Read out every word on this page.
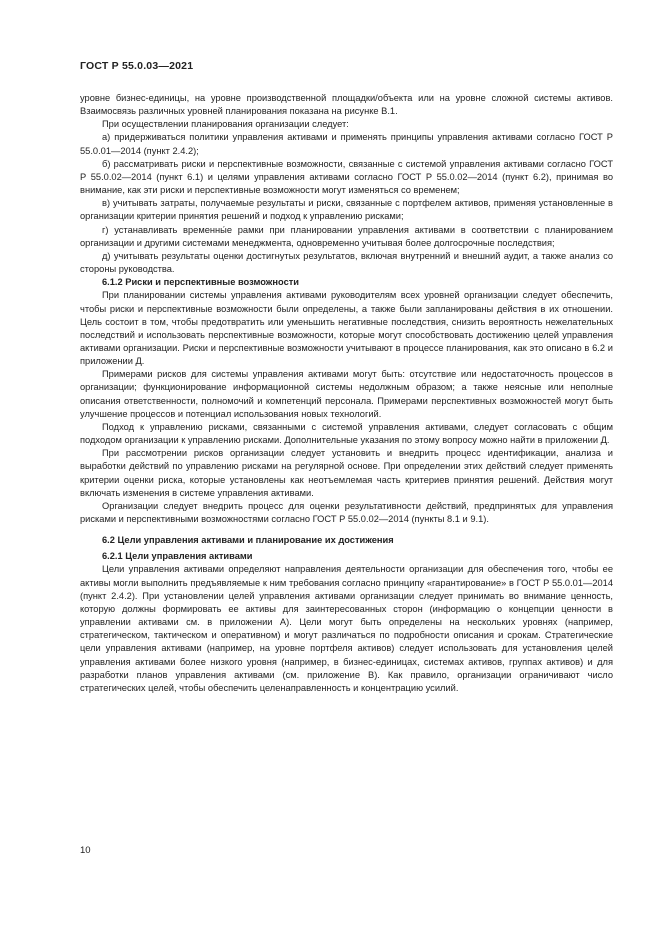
ГОСТ Р 55.0.03—2021

уровне бизнес-единицы, на уровне производственной площадки/объекта или на уровне сложной системы активов. Взаимосвязь различных уровней планирования показана на рисунке В.1.

При осуществлении планирования организации следует:

а) придерживаться политики управления активами и применять принципы управления активами согласно ГОСТ Р 55.0.01—2014 (пункт 2.4.2);

б) рассматривать риски и перспективные возможности, связанные с системой управления активами согласно ГОСТ Р 55.0.02—2014 (пункт 6.1) и целями управления активами согласно ГОСТ Р 55.0.02—2014 (пункт 6.2), принимая во внимание, как эти риски и перспективные возможности могут изменяться со временем;

в) учитывать затраты, получаемые результаты и риски, связанные с портфелем активов, применяя установленные в организации критерии принятия решений и подход к управлению рисками;

г) устанавливать временны́е рамки при планировании управления активами в соответствии с планированием организации и другими системами менеджмента, одновременно учитывая более долгосрочные последствия;

д) учитывать результаты оценки достигнутых результатов, включая внутренний и внешний аудит, а также анализ со стороны руководства.

6.1.2 Риски и перспективные возможности

При планировании системы управления активами руководителям всех уровней организации следует обеспечить, чтобы риски и перспективные возможности были определены, а также были запланированы действия в их отношении. Цель состоит в том, чтобы предотвратить или уменьшить негативные последствия, снизить вероятность нежелательных последствий и использовать перспективные возможности, которые могут способствовать достижению целей управления активами организации. Риски и перспективные возможности учитывают в процессе планирования, как это описано в 6.2 и приложении Д.

Примерами рисков для системы управления активами могут быть: отсутствие или недостаточность процессов в организации; функционирование информационной системы недолжным образом; а также неясные или неполные описания ответственности, полномочий и компетенций персонала. Примерами перспективных возможностей могут быть улучшение процессов и потенциал использования новых технологий.

Подход к управлению рисками, связанными с системой управления активами, следует согласовать с общим подходом организации к управлению рисками. Дополнительные указания по этому вопросу можно найти в приложении Д.

При рассмотрении рисков организации следует установить и внедрить процесс идентификации, анализа и выработки действий по управлению рисками на регулярной основе. При определении этих действий следует применять критерии оценки риска, которые установлены как неотъемлемая часть критериев принятия решений. Действия могут включать изменения в системе управления активами.

Организации следует внедрить процесс для оценки результативности действий, предпринятых для управления рисками и перспективными возможностями согласно ГОСТ Р 55.0.02—2014 (пункты 8.1 и 9.1).

6.2 Цели управления активами и планирование их достижения

6.2.1 Цели управления активами

Цели управления активами определяют направления деятельности организации для обеспечения того, чтобы ее активы могли выполнить предъявляемые к ним требования согласно принципу «гарантирование» в ГОСТ Р 55.0.01—2014 (пункт 2.4.2). При установлении целей управления активами организации следует принимать во внимание ценность, которую должны формировать ее активы для заинтересованных сторон (информацию о концепции ценности в управлении активами см. в приложении А). Цели могут быть определены на нескольких уровнях (например, стратегическом, тактическом и оперативном) и могут различаться по подробности описания и срокам. Стратегические цели управления активами (например, на уровне портфеля активов) следует использовать для установления целей управления активами более низкого уровня (например, в бизнес-единицах, системах активов, группах активов) и для разработки планов управления активами (см. приложение В). Как правило, организации ограничивают число стратегических целей, чтобы обеспечить целенаправленность и концентрацию усилий.

10
